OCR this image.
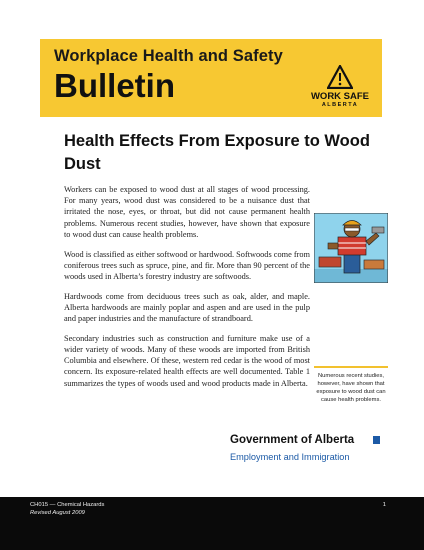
Workplace Health and Safety
Bulletin	WORK SAFE
ALBERTA
Health Effects From Exposure to Wood Dust

Workers can be exposed to wood dust at all stages of wood processing. For many years, wood dust was considered to be a nuisance dust that irritated the nose, eyes, or throat, but did not cause permanent health problems. Numerous recent studies, however, have shown that exposure to wood dust can cause health problems.

Wood is classified as either softwood or hardwood. Softwoods come from coniferous trees such as spruce, pine, and fir. More than 90 percent of the woods used in Alberta’s forestry industry are softwoods.

Hardwoods come from deciduous trees such as oak, alder, and maple. Alberta hardwoods are mainly poplar and aspen and are used in the pulp and paper industries and the manufacture of strandboard.

Secondary industries such as construction and furniture make use of a wider variety of woods. Many of these woods are imported from British Columbia and elsewhere. Of these, western red cedar is the wood of most concern. Its exposure-related health effects are well documented. Table 1 summarizes the types of woods used and wood products made in Alberta.

Numerous recent studies, however, have shown that exposure to wood dust can cause health problems.
Government of Alberta
Employment and Immigration
CH015 — Chemical Hazards
Revised August 2009
1
